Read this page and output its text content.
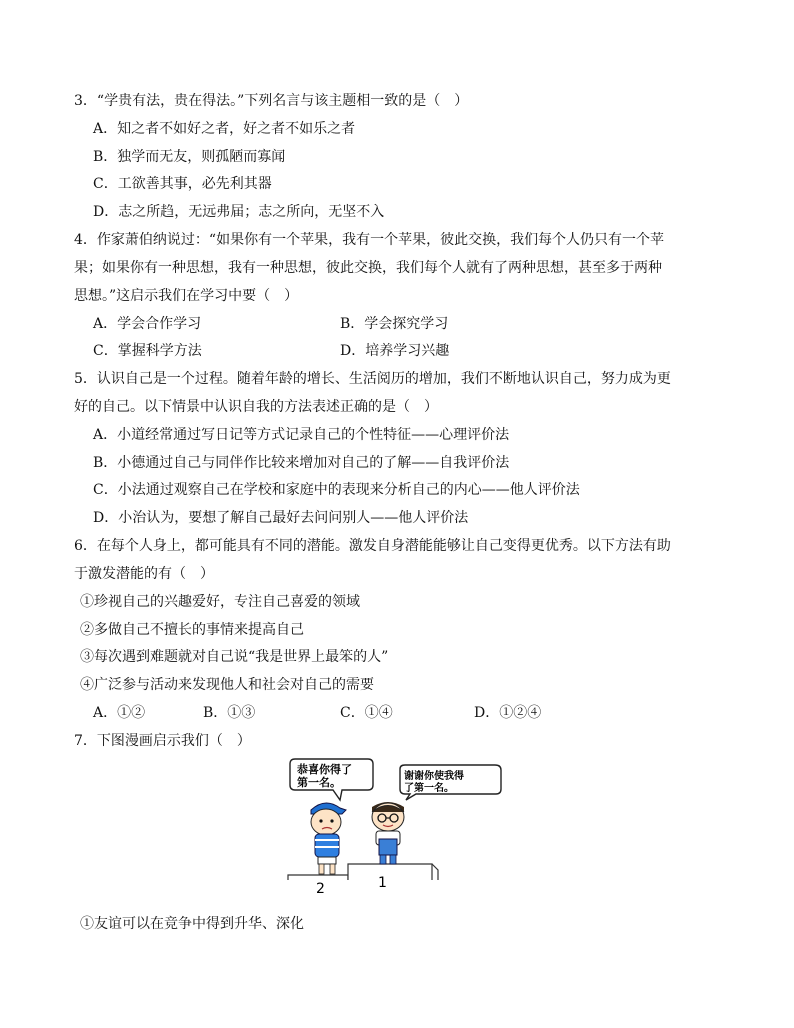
3．“学贵有法，贵在得法。”下列名言与该主题相一致的是（　）
A．知之者不如好之者，好之者不如乐之者
B．独学而无友，则孤陋而寡闻
C．工欲善其事，必先利其器
D．志之所趋，无远弗届；志之所向，无坚不入
4．作家萧伯纳说过：“如果你有一个苹果，我有一个苹果，彼此交换，我们每个人仍只有一个苹
果；如果你有一种思想，我有一种思想，彼此交换，我们每个人就有了两种思想，甚至多于两种
思想。”这启示我们在学习中要（　）
A．学会合作学习	B．学会探究学习
C．掌握科学方法	D．培养学习兴趣
5．认识自己是一个过程。随着年龄的增长、生活阅历的增加，我们不断地认识自己，努力成为更
好的自己。以下情景中认识自我的方法表述正确的是（　）
A．小道经常通过写日记等方式记录自己的个性特征——心理评价法
B．小德通过自己与同伴作比较来增加对自己的了解——自我评价法
C．小法通过观察自己在学校和家庭中的表现来分析自己的内心——他人评价法
D．小治认为，要想了解自己最好去问问别人——他人评价法
6．在每个人身上，都可能具有不同的潜能。激发自身潜能能够让自己变得更优秀。以下方法有助
于激发潜能的有（　）
①珍视自己的兴趣爱好，专注自己喜爱的领域
②多做自己不擅长的事情来提高自己
③每次遇到难题就对自己说“我是世界上最笨的人”
④广泛参与活动来发现他人和社会对自己的需要
A．①②	B．①③	C．①④	D．①②④
7．下图漫画启示我们（　）
恭喜你得了
第一名。	谢谢你使我得
了第一名。
2	1
①友谊可以在竞争中得到升华、深化
